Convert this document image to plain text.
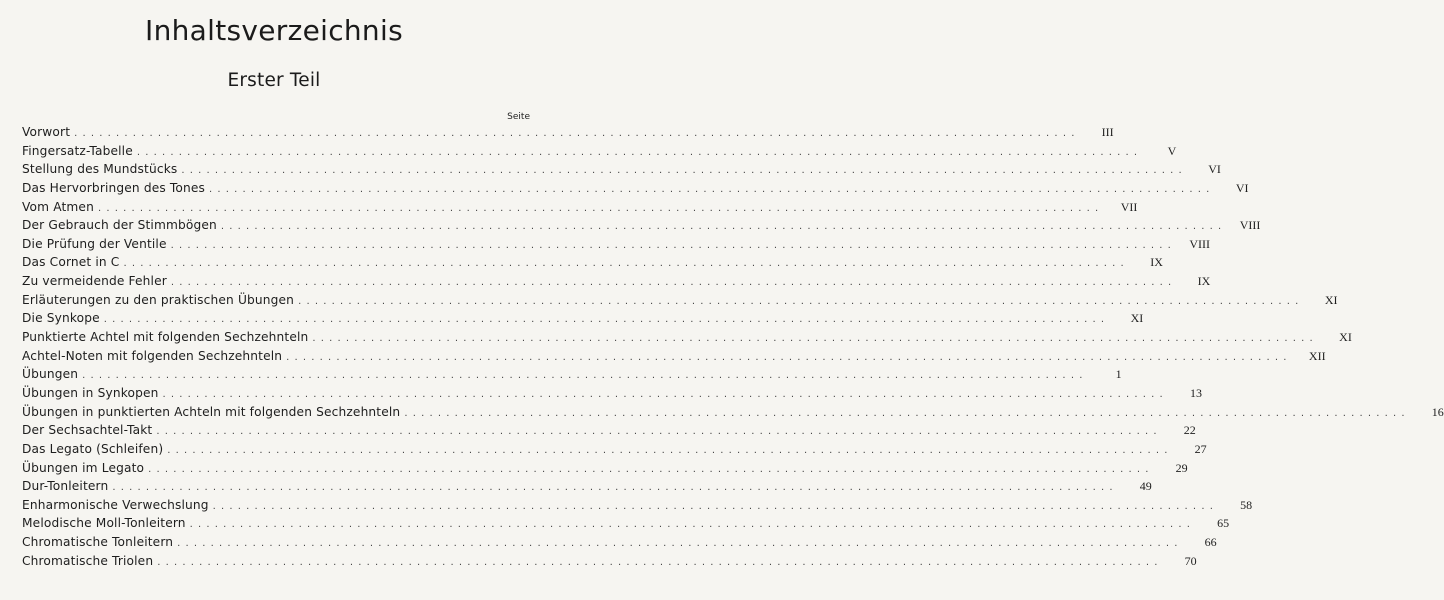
Inhaltsverzeichnis
Erster Teil
Seite
Vorwort ........................................................................................................................	III
Fingersatz-Tabelle ........................................................................................................................	V
Stellung des Mundstücks ........................................................................................................................	VI
Das Hervorbringen des Tones ........................................................................................................................	VI
Vom Atmen ........................................................................................................................	VII
Der Gebrauch der Stimmbögen ........................................................................................................................	VIII
Die Prüfung der Ventile ........................................................................................................................	VIII
Das Cornet in C ........................................................................................................................	IX
Zu vermeidende Fehler ........................................................................................................................	IX
Erläuterungen zu den praktischen Übungen ........................................................................................................................	XI
Die Synkope ........................................................................................................................	XI
Punktierte Achtel mit folgenden Sechzehnteln ........................................................................................................................	XI
Achtel-Noten mit folgenden Sechzehnteln ........................................................................................................................	XII
Übungen ........................................................................................................................	1
Übungen in Synkopen ........................................................................................................................	13
Übungen in punktierten Achteln mit folgenden Sechzehnteln ........................................................................................................................	16
Der Sechsachtel-Takt ........................................................................................................................	22
Das Legato (Schleifen) ........................................................................................................................	27
Übungen im Legato ........................................................................................................................	29
Dur-Tonleitern ........................................................................................................................	49
Enharmonische Verwechslung ........................................................................................................................	58
Melodische Moll-Tonleitern ........................................................................................................................	65
Chromatische Tonleitern ........................................................................................................................	66
Chromatische Triolen ........................................................................................................................	70
